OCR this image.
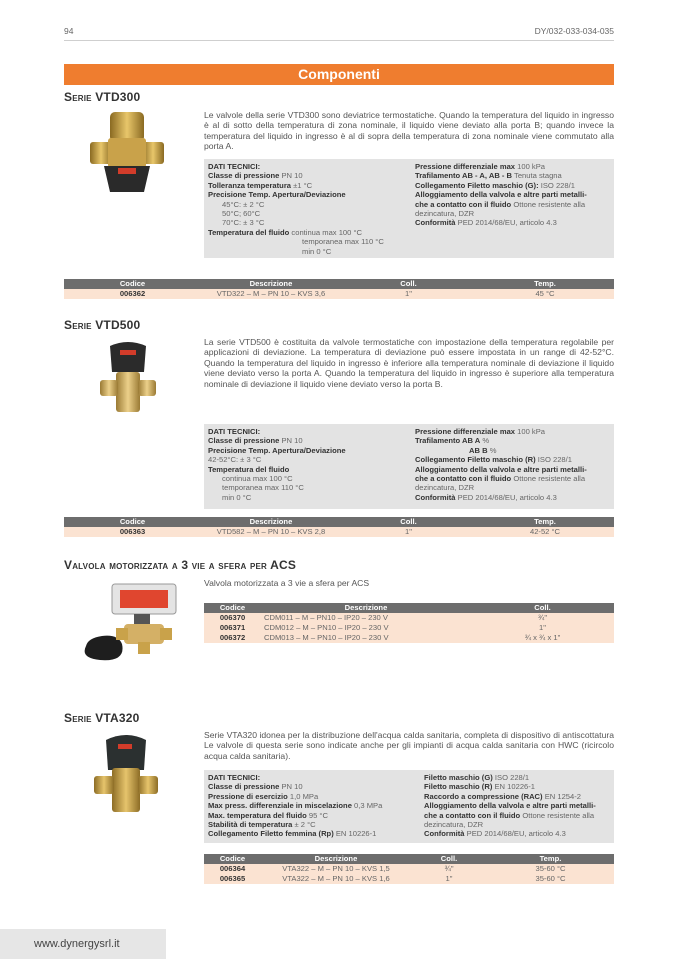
94	DY/032-033-034-035
Componenti
Serie VTD300
Le valvole della serie VTD300 sono deviatrice termostatiche. Quando la temperatura del liquido in ingresso è al di sotto della temperatura di zona nominale, il liquido viene deviato alla porta B; quando invece la temperatura del liquido in ingresso è al di sopra della temperatura di zona nominale viene commutato alla porta A.
DATI TECNICI:
Classe di pressione PN 10
Tolleranza temperatura ±1 °C
Precisione Temp. Apertura/Deviazione
45°C: ± 2 °C
50°C; 60°C
70°C: ± 3 °C
Temperatura del fluido continua max 100 °C
temporanea max 110 °C
min 0 °C
Pressione differenziale max 100 kPa
Trafilamento AB - A, AB - B Tenuta stagna
Collegamento Filetto maschio (G): ISO 228/1
Alloggiamento della valvola e altre parti metalli-
che a contatto con il fluido Ottone resistente alla
dezincatura, DZR
Conformità PED 2014/68/EU, articolo 4.3
Codice	Descrizione	Coll.	Temp.
006362	VTD322 – M – PN 10 – KVS 3,6	1"	45 °C
Serie VTD500
La serie VTD500 è costituita da valvole termostatiche con impostazione della temperatura regolabile per applicazioni di deviazione. La temperatura di deviazione può essere impostata in un range di 42-52°C. Quando la temperatura del liquido in ingresso è inferiore alla temperatura nominale di deviazione il liquido viene deviato verso la porta A. Quando la temperatura del liquido in ingresso è superiore alla temperatura nominale di deviazione il liquido viene deviato verso la porta B.
DATI TECNICI:
Classe di pressione PN 10
Precisione Temp. Apertura/Deviazione
42-52°C: ± 3 °C
Temperatura del fluido
continua max 100 °C
temporanea max 110 °C
min 0 °C
Pressione differenziale max 100 kPa
Trafilamento AB A %
AB B %
Collegamento Filetto maschio (R) ISO 228/1
Alloggiamento della valvola e altre parti metalli-
che a contatto con il fluido Ottone resistente alla
dezincatura, DZR
Conformità PED 2014/68/EU, articolo 4.3
Codice	Descrizione	Coll.	Temp.
006363	VTD582 – M – PN 10 – KVS 2,8	1"	42-52 °C
Valvola motorizzata a 3 vie a sfera per ACS
Valvola motorizzata a 3 vie a sfera per ACS
Codice	Descrizione	Coll.
006370	CDM011 – M – PN10 – IP20 – 230 V	¾"
006371	CDM012 – M – PN10 – IP20 – 230 V	1"
006372	CDM013 – M – PN10 – IP20 – 230 V	¾ x ¾ x 1"
Serie VTA320
Serie VTA320 idonea per la distribuzione dell'acqua calda sanitaria, completa di dispositivo di antiscottatura Le valvole di questa serie sono indicate anche per gli impianti di acqua calda sanitaria con HWC (ricircolo acqua calda sanitaria).
DATI TECNICI:
Classe di pressione PN 10
Pressione di esercizio 1,0 MPa
Max press. differenziale in miscelazione 0,3 MPa
Max. temperatura del fluido 95 °C
Stabilità di temperatura ± 2 °C
Collegamento Filetto femmina (Rp) EN 10226-1
Filetto maschio (G) ISO 228/1
Filetto maschio (R) EN 10226-1
Raccordo a compressione (RAC) EN 1254-2
Alloggiamento della valvola e altre parti metalli-
che a contatto con il fluido Ottone resistente alla
dezincatura, DZR
Conformità PED 2014/68/EU, articolo 4.3
Codice	Descrizione	Coll.	Temp.
006364	VTA322 – M – PN 10 – KVS 1,5	¾"	35-60 °C
006365	VTA322 – M – PN 10 – KVS 1,6	1"	35-60 °C
www.dynergysrl.it
